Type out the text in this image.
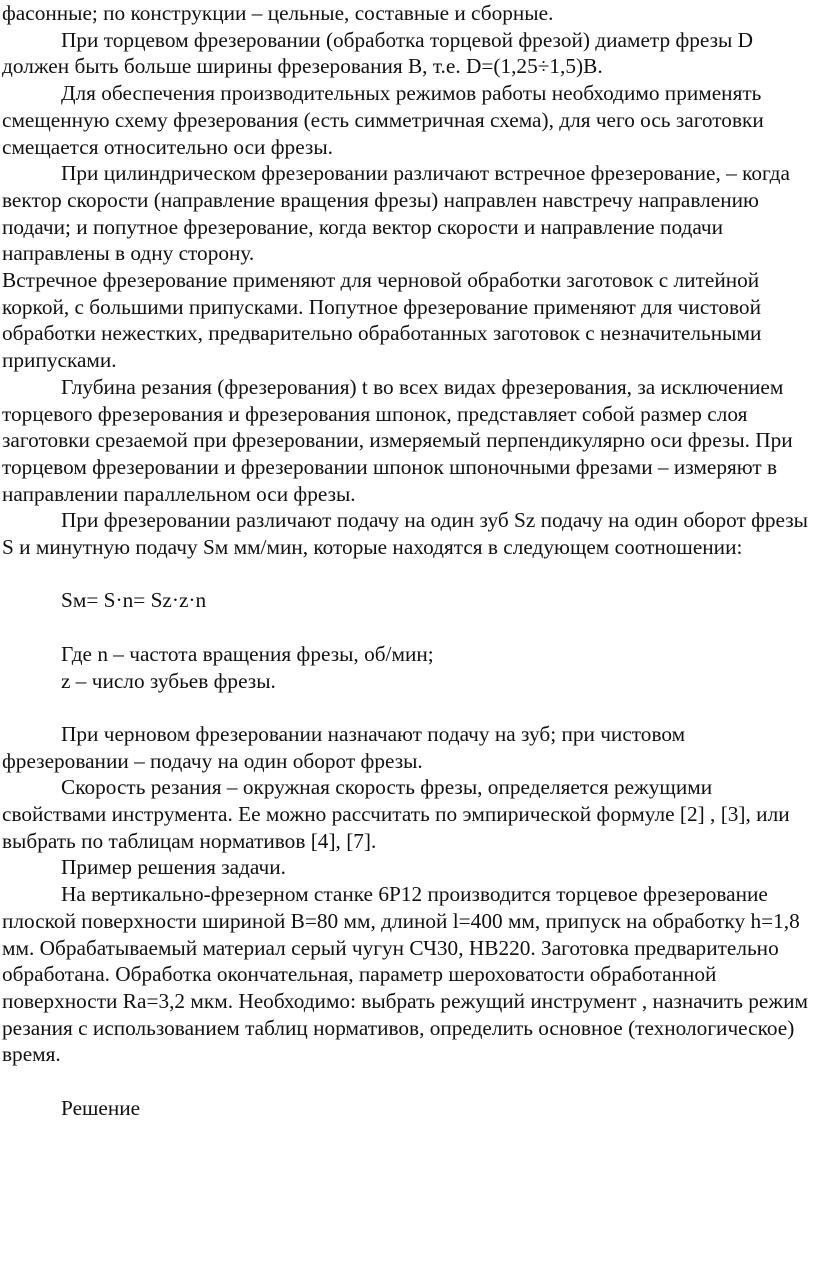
фасонные; по конструкции – цельные, составные и сборные.

При торцевом фрезеровании (обработка торцевой фрезой) диаметр фрезы D должен быть больше ширины фрезерования В, т.е. D=(1,25÷1,5)В.

Для обеспечения производительных режимов работы необходимо применять смещенную схему фрезерования (есть симметричная схема), для чего ось заготовки смещается относительно оси фрезы.

При цилиндрическом фрезеровании различают встречное фрезерование, – когда вектор скорости (направление вращения фрезы) направлен навстречу направлению подачи; и попутное фрезерование, когда вектор скорости и направление подачи направлены в одну сторону.

Встречное фрезерование применяют для черновой обработки заготовок с литейной коркой, с большими припусками. Попутное фрезерование применяют для чистовой обработки нежестких, предварительно обработанных заготовок с незначительными припусками.

Глубина резания (фрезерования) t во всех видах фрезерования, за исключением торцевого фрезерования и фрезерования шпонок, представляет собой размер слоя заготовки срезаемой при фрезеровании, измеряемый перпендикулярно оси фрезы. При торцевом фрезеровании и фрезеровании шпонок шпоночными фрезами – измеряют в направлении параллельном оси фрезы.

При фрезеровании различают подачу на один зуб Sz подачу на один оборот фрезы S и минутную подачу Sм мм/мин, которые находятся в следующем соотношении:

Sм= S·n= Sz·z·n

Где n – частота вращения фрезы, об/мин;

z – число зубьев фрезы.

При черновом фрезеровании назначают подачу на зуб; при чистовом фрезеровании – подачу на один оборот фрезы.

Скорость резания – окружная скорость фрезы, определяется режущими свойствами инструмента. Ее можно рассчитать по эмпирической формуле [2] , [3], или выбрать по таблицам нормативов [4], [7].

Пример решения задачи.

На вертикально-фрезерном станке 6Р12 производится торцевое фрезерование плоской поверхности шириной В=80 мм, длиной l=400 мм, припуск на обработку h=1,8 мм. Обрабатываемый материал серый чугун СЧ30, НВ220. Заготовка предварительно обработана. Обработка окончательная, параметр шероховатости обработанной поверхности Ra=3,2 мкм. Необходимо: выбрать режущий инструмент , назначить режим резания с использованием таблиц нормативов, определить основное (технологическое) время.

Решение
